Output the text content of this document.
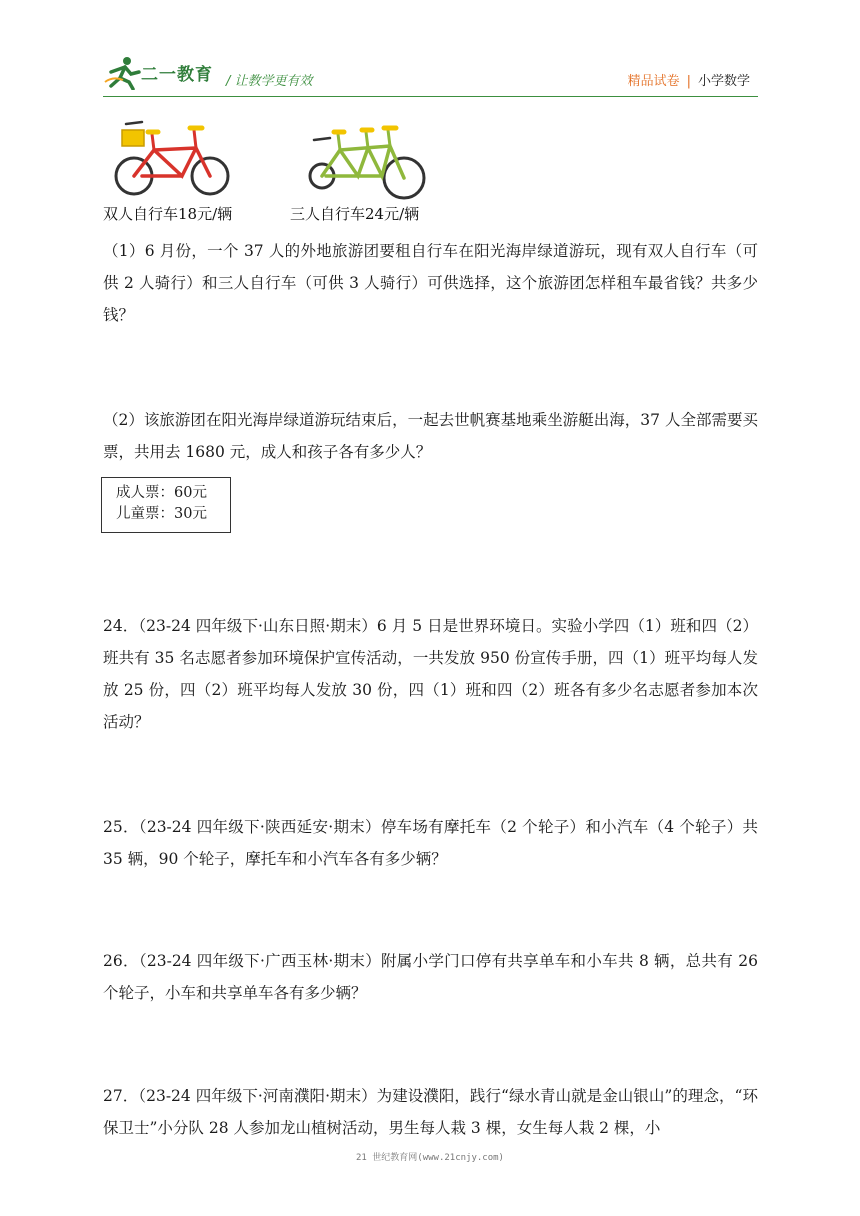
二一教育 / 让教学更有效	精品试卷 | 小学数学
双人自行车18元/辆	三人自行车24元/辆
（1）6 月份，一个 37 人的外地旅游团要租自行车在阳光海岸绿道游玩，现有双人自行车（可供 2 人骑行）和三人自行车（可供 3 人骑行）可供选择，这个旅游团怎样租车最省钱？共多少钱？
（2）该旅游团在阳光海岸绿道游玩结束后，一起去世帆赛基地乘坐游艇出海，37 人全部需要买票，共用去 1680 元，成人和孩子各有多少人？
成人票：60元
儿童票：30元
24．（23-24 四年级下·山东日照·期末）6 月 5 日是世界环境日。实验小学四（1）班和四（2）班共有 35 名志愿者参加环境保护宣传活动，一共发放 950 份宣传手册，四（1）班平均每人发放 25 份，四（2）班平均每人发放 30 份，四（1）班和四（2）班各有多少名志愿者参加本次活动？
25．（23-24 四年级下·陕西延安·期末）停车场有摩托车（2 个轮子）和小汽车（4 个轮子）共 35 辆，90 个轮子，摩托车和小汽车各有多少辆？
26．（23-24 四年级下·广西玉林·期末）附属小学门口停有共享单车和小车共 8 辆，总共有 26 个轮子，小车和共享单车各有多少辆？
27．（23-24 四年级下·河南濮阳·期末）为建设濮阳，践行“绿水青山就是金山银山”的理念，“环保卫士”小分队 28 人参加龙山植树活动，男生每人栽 3 棵，女生每人栽 2 棵，小
21 世纪教育网(www.21cnjy.com)
